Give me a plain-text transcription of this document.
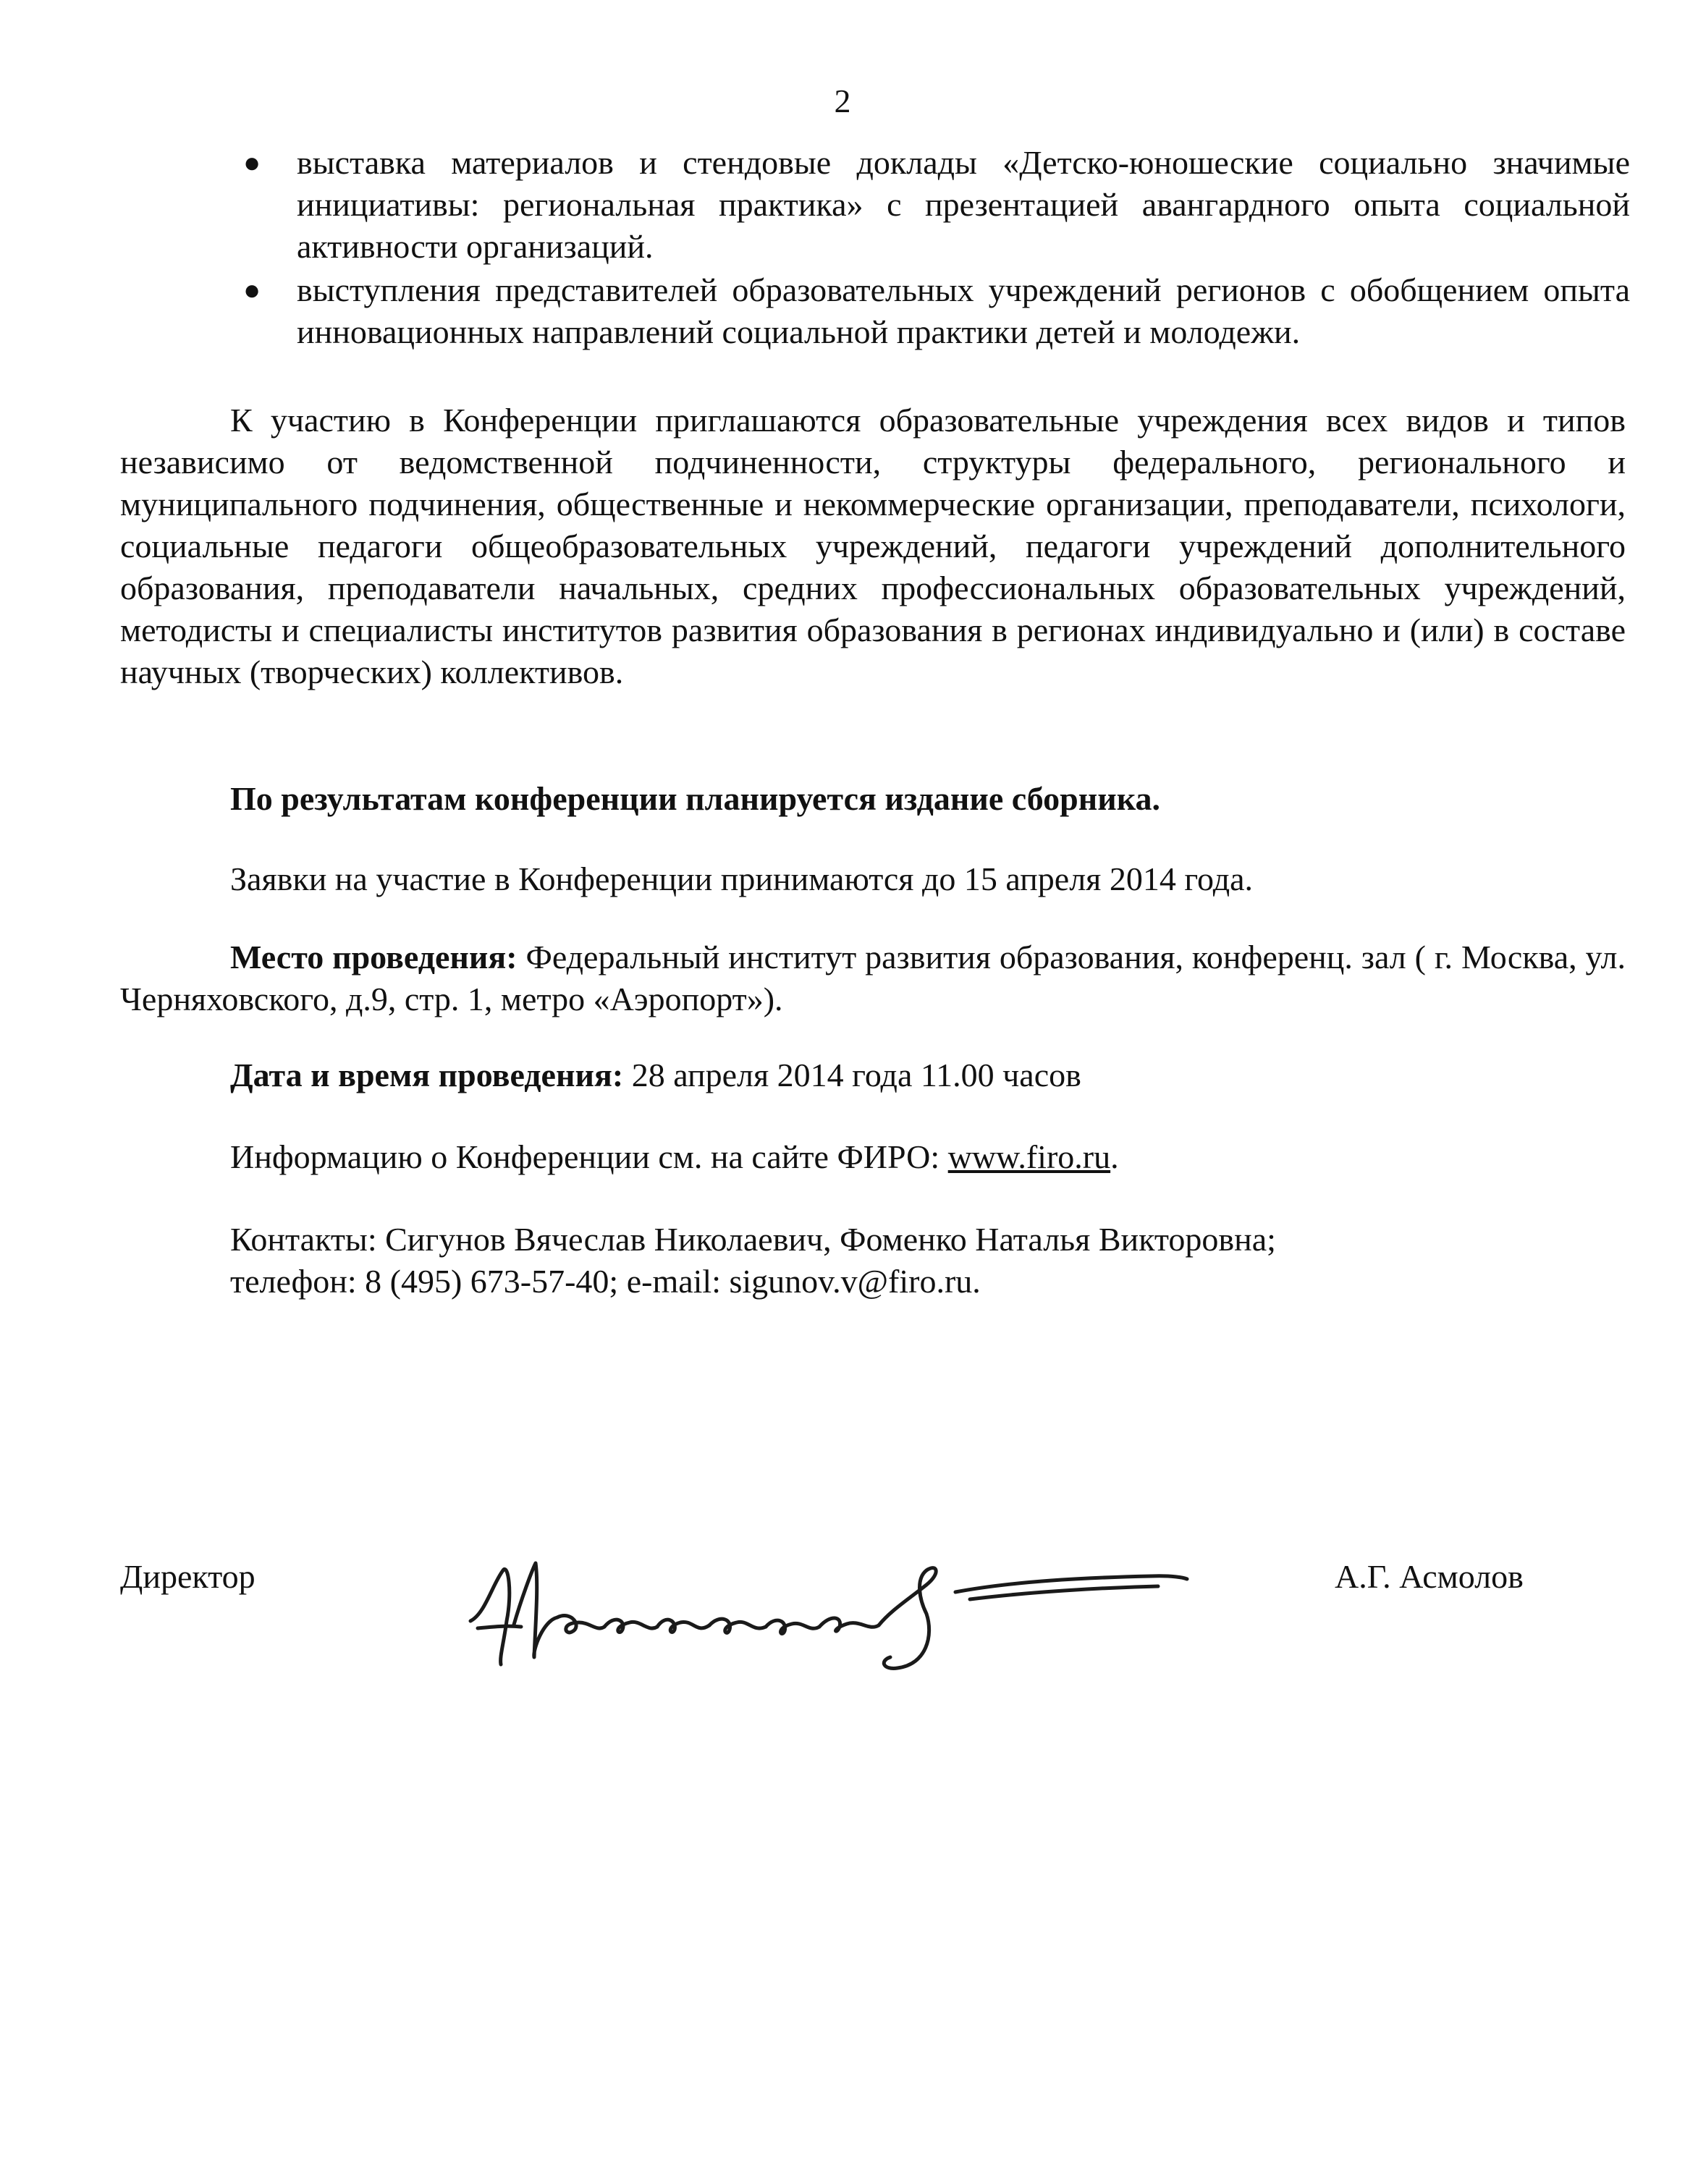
2
● выставка материалов и стендовые доклады «Детско-юношеские социально значимые инициативы: региональная практика» с презентацией авангардного опыта социальной активности организаций.
● выступления представителей образовательных учреждений регионов с обобщением опыта инновационных направлений социальной практики детей и молодежи.

К участию в Конференции приглашаются образовательные учреждения всех видов и типов независимо от ведомственной подчиненности, структуры федерального, регионального и муниципального подчинения, общественные и некоммерческие организации, преподаватели, психологи, социальные педагоги общеобразовательных учреждений, педагоги учреждений дополнительного образования, преподаватели начальных, средних профессиональных образовательных учреждений, методисты и специалисты институтов развития образования в регионах индивидуально и (или) в составе научных (творческих) коллективов.

По результатам конференции планируется издание сборника.

Заявки на участие в Конференции принимаются до 15 апреля 2014 года.

Место проведения: Федеральный институт развития образования, конференц. зал ( г. Москва, ул. Черняховского, д.9, стр. 1, метро «Аэропорт»).

Дата и время проведения: 28 апреля 2014 года 11.00 часов

Информацию о Конференции см. на сайте ФИРО: www.firo.ru.

Контакты: Сигунов Вячеслав Николаевич, Фоменко Наталья Викторовна;

телефон: 8 (495) 673-57-40; e-mail: sigunov.v@firo.ru.

Директор	А.Г. Асмолов
